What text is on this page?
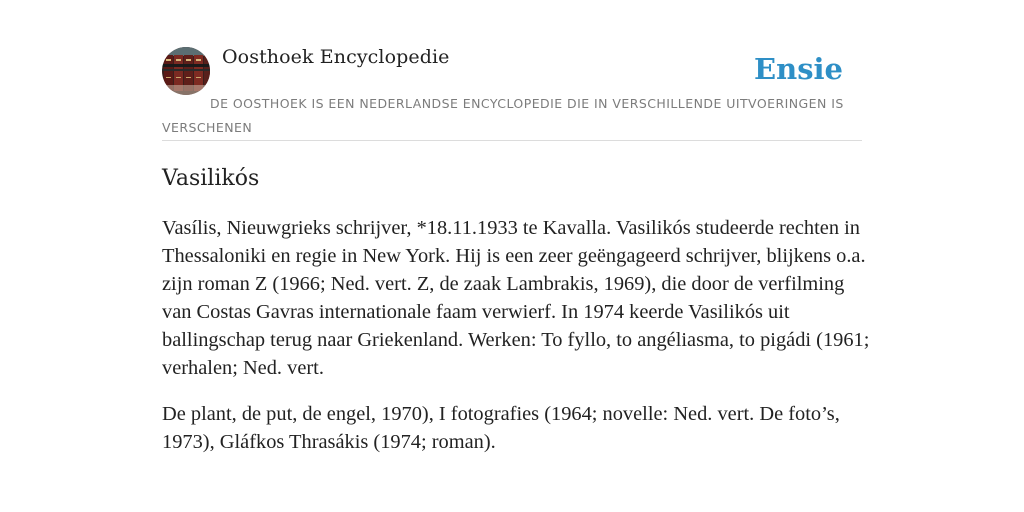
Oosthoek Encyclopedie	Ensie
DE OOSTHOEK IS EEN NEDERLANDSE ENCYCLOPEDIE DIE IN VERSCHILLENDE UITVOERINGEN IS VERSCHENEN
Vasilikós

Vasílis, Nieuwgrieks schrijver, *18.11.1933 te Kavalla. Vasilikós studeerde rechten in Thessaloniki en regie in New York. Hij is een zeer geëngageerd schrijver, blijkens o.a. zijn roman Z (1966; Ned. vert. Z, de zaak Lambrakis, 1969), die door de verfilming van Costas Gavras internationale faam verwierf. In 1974 keerde Vasilikós uit ballingschap terug naar Griekenland. Werken: To fyllo, to angéliasma, to pigádi (1961; verhalen; Ned. vert.

De plant, de put, de engel, 1970), I fotografies (1964; novelle: Ned. vert. De foto’s, 1973), Gláfkos Thrasákis (1974; roman).
